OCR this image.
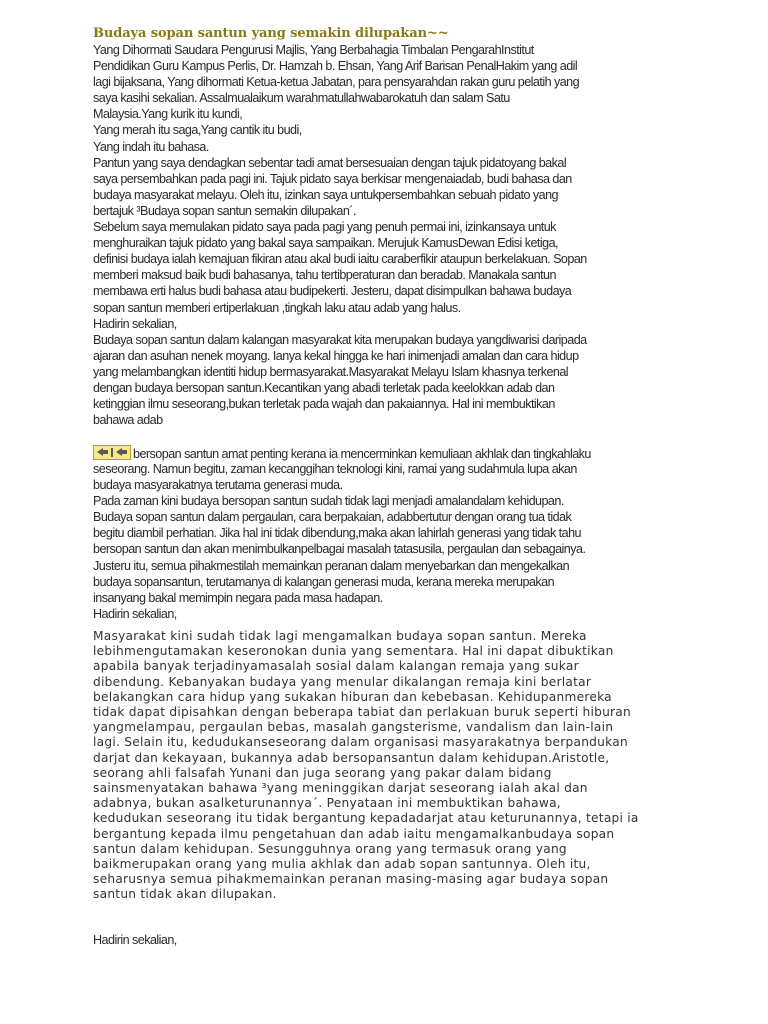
Budaya sopan santun yang semakin dilupakan~~
Yang Dihormati Saudara Pengurusi Majlis, Yang Berbahagia Timbalan PengarahInstitut
Pendidikan Guru Kampus Perlis, Dr. Hamzah b. Ehsan, Yang Arif Barisan PenalHakim yang adil
lagi bijaksana, Yang dihormati Ketua-ketua Jabatan, para pensyarahdan rakan guru pelatih yang
saya kasihi sekalian. Assalmualaikum warahmatullahwabarokatuh dan salam Satu
Malaysia.Yang kurik itu kundi,
Yang merah itu saga,Yang cantik itu budi,
Yang indah itu bahasa.
Pantun yang saya dendagkan sebentar tadi amat bersesuaian dengan tajuk pidatoyang bakal
saya persembahkan pada pagi ini. Tajuk pidato saya berkisar mengenaiadab, budi bahasa dan
budaya masyarakat melayu. Oleh itu, izinkan saya untukpersembahkan sebuah pidato yang
bertajuk ³Budaya sopan santun semakin dilupakan´.
Sebelum saya memulakan pidato saya pada pagi yang penuh permai ini, izinkansaya untuk
menghuraikan tajuk pidato yang bakal saya sampaikan. Merujuk KamusDewan Edisi ketiga,
definisi budaya ialah kemajuan fikiran atau akal budi iaitu caraberfikir ataupun berkelakuan. Sopan
memberi maksud baik budi bahasanya, tahu tertibperaturan dan beradab. Manakala santun
membawa erti halus budi bahasa atau budipekerti. Jesteru, dapat disimpulkan bahawa budaya
sopan santun memberi ertiperlakuan ,tingkah laku atau adab yang halus.
Hadirin sekalian,
Budaya sopan santun dalam kalangan masyarakat kita merupakan budaya yangdiwarisi daripada
ajaran dan asuhan nenek moyang. Ianya kekal hingga ke hari inimenjadi amalan dan cara hidup
yang melambangkan identiti hidup bermasyarakat.Masyarakat Melayu Islam khasnya terkenal
dengan budaya bersopan santun.Kecantikan yang abadi terletak pada keelokkan adab dan
ketinggian ilmu seseorang,bukan terletak pada wajah dan pakaiannya. Hal ini membuktikan
bahawa adab
bersopan santun amat penting kerana ia mencerminkan kemuliaan akhlak dan tingkahlaku
seseorang. Namun begitu, zaman kecanggihan teknologi kini, ramai yang sudahmula lupa akan
budaya masyarakatnya terutama generasi muda.
Pada zaman kini budaya bersopan santun sudah tidak lagi menjadi amalandalam kehidupan.
Budaya sopan santun dalam pergaulan, cara berpakaian, adabbertutur dengan orang tua tidak
begitu diambil perhatian. Jika hal ini tidak dibendung,maka akan lahirlah generasi yang tidak tahu
bersopan santun dan akan menimbulkanpelbagai masalah tatasusila, pergaulan dan sebagainya.
Justeru itu, semua pihakmestilah memainkan peranan dalam menyebarkan dan mengekalkan
budaya sopansantun, terutamanya di kalangan generasi muda, kerana mereka merupakan
insanyang bakal memimpin negara pada masa hadapan.
Hadirin sekalian,
Masyarakat kini sudah tidak lagi mengamalkan budaya sopan santun. Mereka
lebihmengutamakan keseronokan dunia yang sementara. Hal ini dapat dibuktikan
apabila banyak terjadinyamasalah sosial dalam kalangan remaja yang sukar
dibendung. Kebanyakan budaya yang menular dikalangan remaja kini berlatar
belakangkan cara hidup yang sukakan hiburan dan kebebasan. Kehidupanmereka
tidak dapat dipisahkan dengan beberapa tabiat dan perlakuan buruk seperti hiburan
yangmelampau, pergaulan bebas, masalah gangsterisme, vandalism dan lain-lain
lagi. Selain itu, kedudukanseseorang dalam organisasi masyarakatnya berpandukan
darjat dan kekayaan, bukannya adab bersopansantun dalam kehidupan.Aristotle,
seorang ahli falsafah Yunani dan juga seorang yang pakar dalam bidang
sainsmenyatakan bahawa ³yang meninggikan darjat seseorang ialah akal dan
adabnya, bukan asalketurunannya´. Penyataan ini membuktikan bahawa,
kedudukan seseorang itu tidak bergantung kepadadarjat atau keturunannya, tetapi ia
bergantung kepada ilmu pengetahuan dan adab iaitu mengamalkanbudaya sopan
santun dalam kehidupan. Sesungguhnya orang yang termasuk orang yang
baikmerupakan orang yang mulia akhlak dan adab sopan santunnya. Oleh itu,
seharusnya semua pihakmemainkan peranan masing-masing agar budaya sopan
santun tidak akan dilupakan.
Hadirin sekalian,
